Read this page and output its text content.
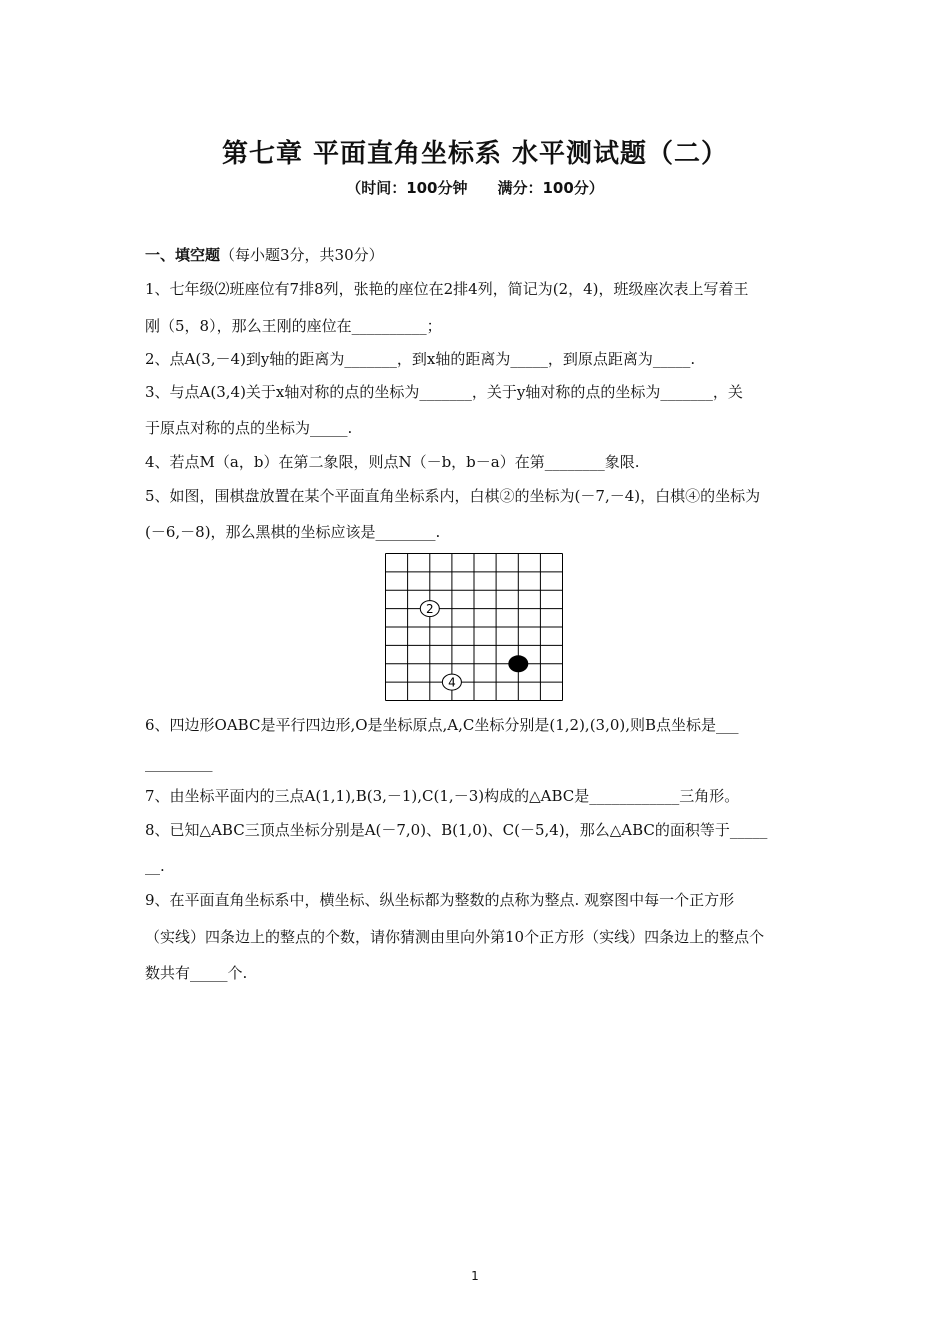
第七章 平面直角坐标系 水平测试题（二）
（时间：100分钟 满分：100分）
一、填空题（每小题3分，共30分）
1、七年级⑵班座位有7排8列，张艳的座位在2排4列，简记为(2，4)，班级座次表上写着王
刚（5，8），那么王刚的座位在__________；
2、点A(3,－4)到y轴的距离为_______，到x轴的距离为_____，到原点距离为_____.
3、与点A(3,4)关于x轴对称的点的坐标为_______，关于y轴对称的点的坐标为_______，关
于原点对称的点的坐标为_____.
4、若点M（a，b）在第二象限，则点N（－b，b－a）在第________象限.
5、如图，围棋盘放置在某个平面直角坐标系内，白棋②的坐标为(－7,－4)，白棋④的坐标为
(－6,－8)，那么黑棋的坐标应该是________.
2
4
6、四边形OABC是平行四边形,O是坐标原点,A,C坐标分别是(1,2),(3,0),则B点坐标是___
_________
7、由坐标平面内的三点A(1,1),B(3,－1),C(1,－3)构成的△ABC是____________三角形。
8、已知△ABC三顶点坐标分别是A(－7,0)、B(1,0)、C(－5,4)，那么△ABC的面积等于_____
__.
9、在平面直角坐标系中，横坐标、纵坐标都为整数的点称为整点. 观察图中每一个正方形
（实线）四条边上的整点的个数，请你猜测由里向外第10个正方形（实线）四条边上的整点个
数共有_____个.
1
